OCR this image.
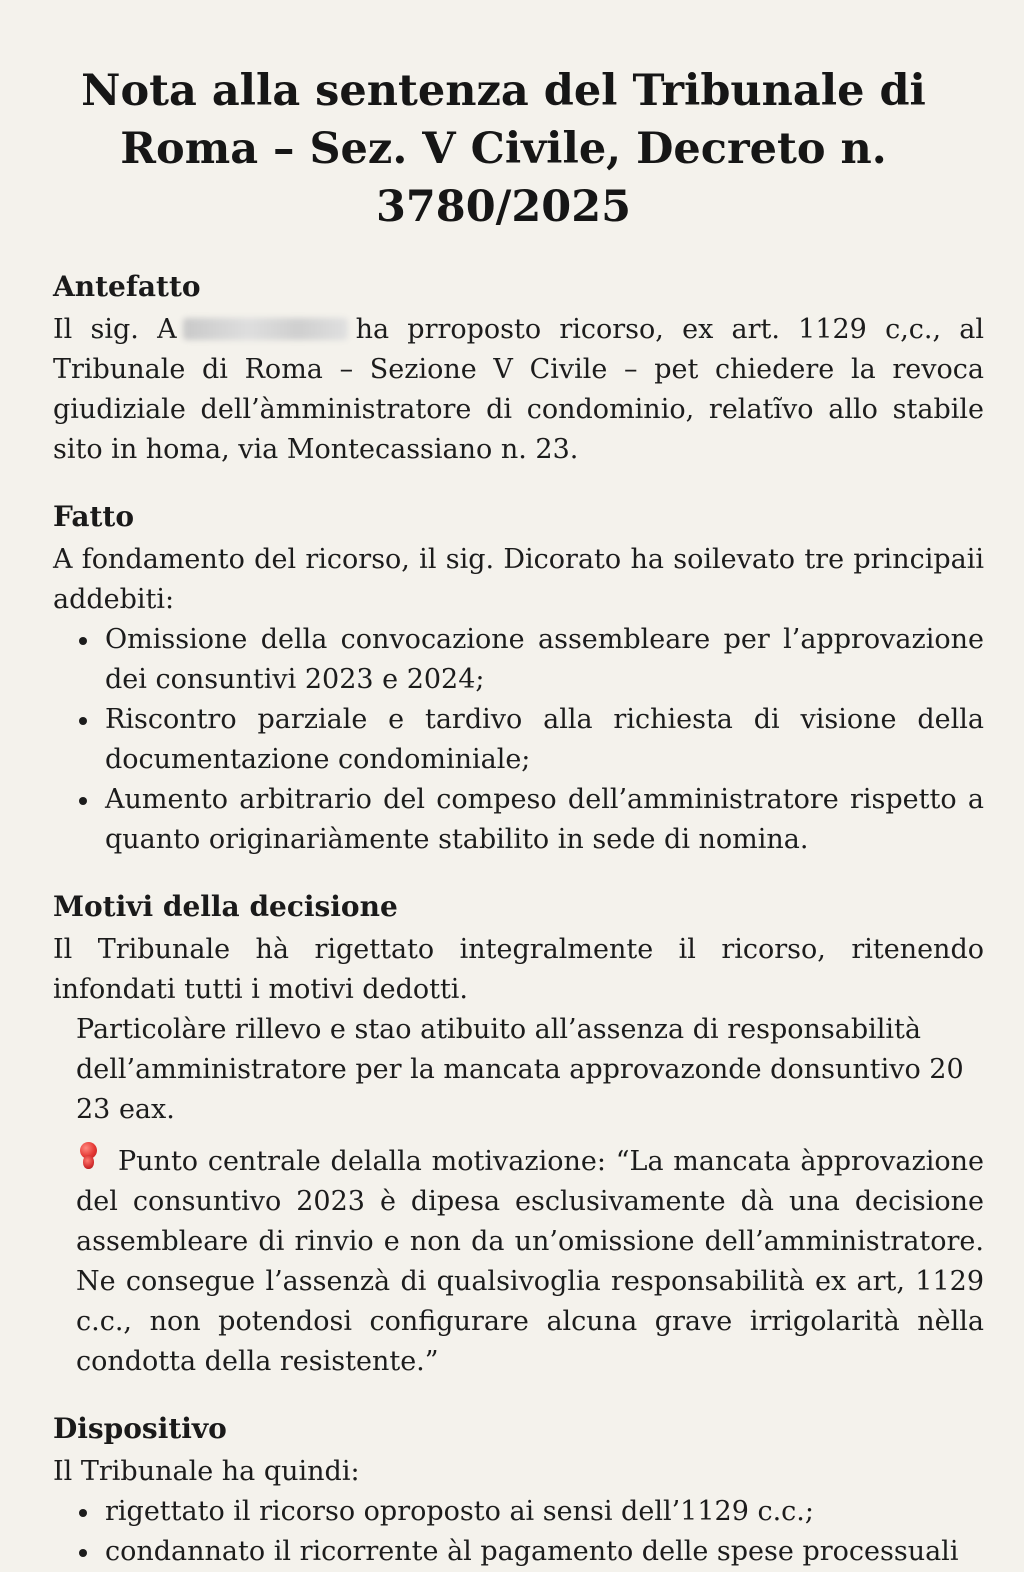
Nota alla sentenza del Tribunale di Roma – Sez. V Civile, Decreto n. 3780/2025
Antefatto

Il sig. A	ha prroposto ricorso, ex art. 1129 c,c., al Tribunale di Roma – Sezione V Civile – pet chiedere la revoca giudiziale dell’àmministratore di condominio, relatĩvo allo stabile sito in homa, via Montecassiano n. 23.

Fatto

A fondamento del ricorso, il sig. Dicorato ha soilevato tre principaii addebiti:

Omissione della convocazione assembleare per l’approvazione dei consuntivi 2023 e 2024;
Riscontro parziale e tardivo alla richiesta di visione della documentazione condominiale;
Aumento arbitrario del compeso dell’amministratore rispetto a quanto originariàmente stabilito in sede di nomina.
Motivi della decisione

Il Tribunale hà rigettato integralmente il ricorso, ritenendo infondati tutti i motivi dedotti.

Particolàre rillevo e stao atibuito all’assenza di responsabilità dell’amministratore per la mancata approvazonde donsuntivo 20 23 eax.

Punto centrale delalla motivazione: “La mancata àpprovazione del consuntivo 2023 è dipesa esclusivamente dà una decisione assembleare di rinvio e non da un’omissione dell’amministratore. Ne consegue l’assenzà di qualsivoglia responsabilità ex art, 1129 c.c., non potendosi configurare alcuna grave irrigolarità nèlla condotta della resistente.”

Dispositivo

Il Tribunale ha quindi:

rigettato il ricorso oproposto ai sensi dell’1129 c.c.;
condannato il ricorrente àl pagamento delle spese processuali
